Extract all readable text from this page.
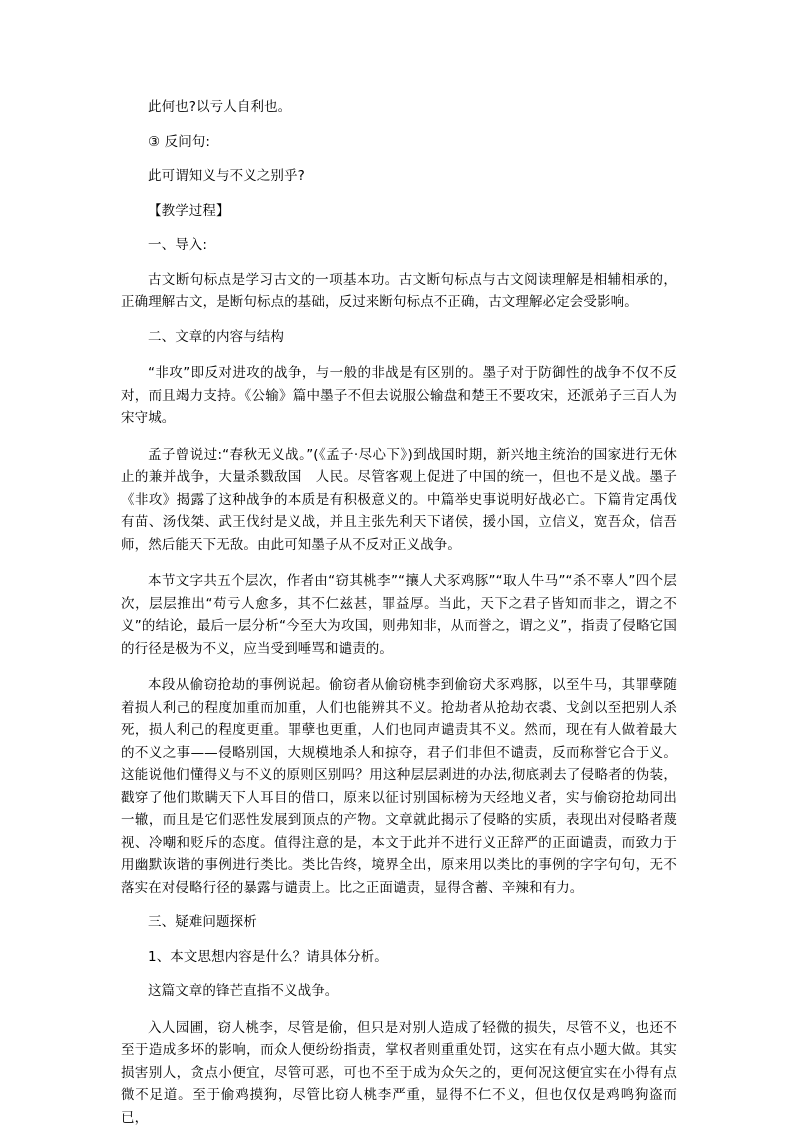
此何也?以亏人自利也。

③ 反问句:

此可谓知义与不义之别乎?

【教学过程】

一、导入:

古文断句标点是学习古文的一项基本功。古文断句标点与古文阅读理解是相辅相承的，正确理解古文，是断句标点的基础，反过来断句标点不正确，古文理解必定会受影响。

二、文章的内容与结构

“非攻”即反对进攻的战争，与一般的非战是有区别的。墨子对于防御性的战争不仅不反对，而且竭力支持。《公输》篇中墨子不但去说服公输盘和楚王不要攻宋，还派弟子三百人为宋守城。

孟子曾说过:“春秋无义战。”(《孟子·尽心下》)到战国时期，新兴地主统治的国家进行无休止的兼并战争，大量杀戮敌国　人民。尽管客观上促进了中国的统一，但也不是义战。墨子《非攻》揭露了这种战争的本质是有积极意义的。中篇举史事说明好战必亡。下篇肯定禹伐有苗、汤伐桀、武王伐纣是义战，并且主张先利天下诸侯，援小国，立信义，宽吾众，信吾师，然后能天下无敌。由此可知墨子从不反对正义战争。

本节文字共五个层次，作者由“窃其桃李”“攘人犬豕鸡豚”“取人牛马”“杀不辜人”四个层次，层层推出“苟亏人愈多，其不仁兹甚，罪益厚。当此，天下之君子皆知而非之，谓之不义”的结论，最后一层分析“今至大为攻国，则弗知非，从而誉之，谓之义”，指责了侵略它国的行径是极为不义，应当受到唾骂和谴责的。

本段从偷窃抢劫的事例说起。偷窃者从偷窃桃李到偷窃犬豕鸡豚，以至牛马，其罪孽随着损人利己的程度加重而加重，人们也能辨其不义。抢劫者从抢劫衣裘、戈剑以至把别人杀死，损人利己的程度更重。罪孽也更重，人们也同声谴责其不义。然而，现在有人做着最大的不义之事——侵略别国，大规模地杀人和掠夺，君子们非但不谴责，反而称誉它合于义。这能说他们懂得义与不义的原则区别吗？用这种层层剥进的办法,彻底剥去了侵略者的伪装，戳穿了他们欺瞒天下人耳目的借口，原来以征讨别国标榜为天经地义者，实与偷窃抢劫同出一辙，而且是它们恶性发展到顶点的产物。文章就此揭示了侵略的实质，表现出对侵略者蔑视、冷嘲和贬斥的态度。值得注意的是，本文于此并不进行义正辞严的正面谴责，而致力于用幽默诙谐的事例进行类比。类比告终，境界全出，原来用以类比的事例的字字句句，无不落实在对侵略行径的暴露与谴责上。比之正面谴责，显得含蓄、辛辣和有力。

三、疑难问题探析

1、本文思想内容是什么？请具体分析。

这篇文章的锋芒直指不义战争。

入人园圃，窃人桃李，尽管是偷，但只是对别人造成了轻微的损失，尽管不义，也还不至于造成多坏的影响，而众人便纷纷指责，掌权者则重重处罚，这实在有点小题大做。其实损害别人，贪点小便宜，尽管可恶，可也不至于成为众矢之的，更何况这便宜实在小得有点微不足道。至于偷鸡摸狗，尽管比窃人桃李严重，显得不仁不义，但也仅仅是鸡鸣狗盗而已，
